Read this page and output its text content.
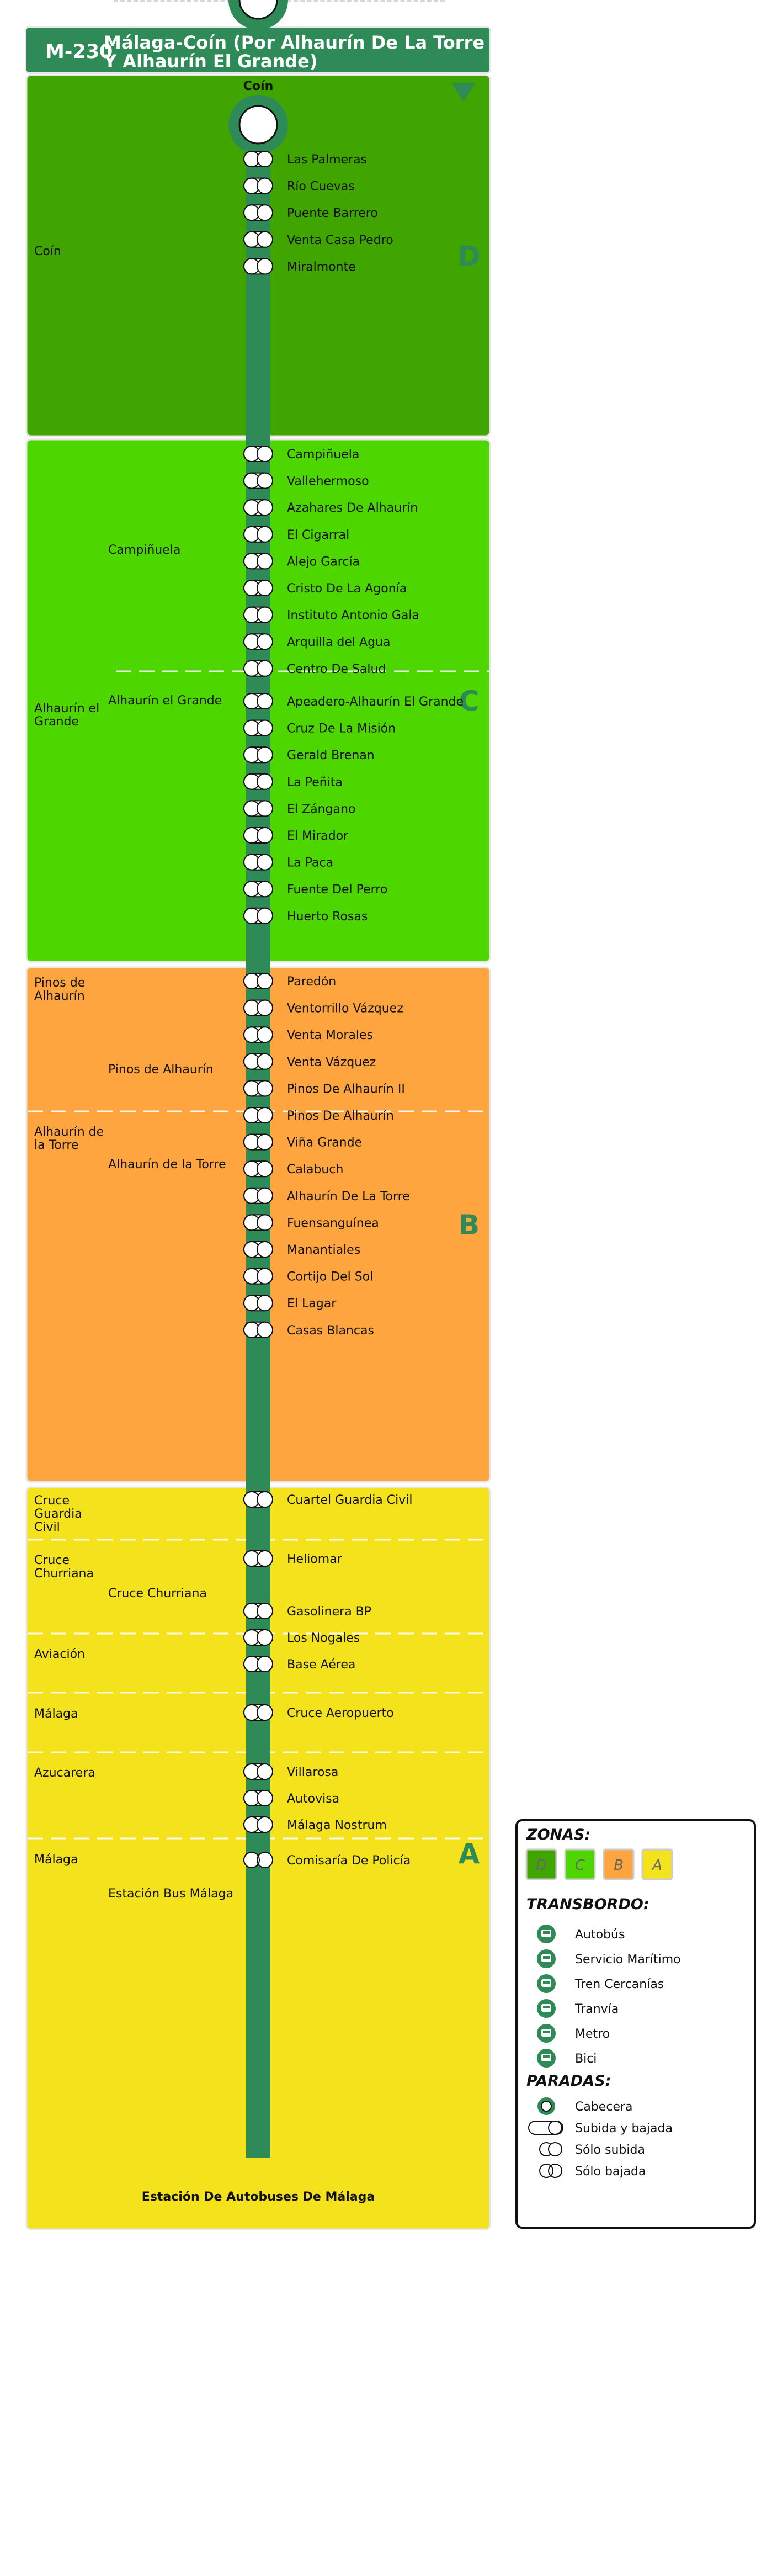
M-230
Málaga-Coín (Por Alhaurín De La Torre Y Alhaurín El Grande)
D
C
B
A
Coín
Alhaurín el Grande
Pinos de Alhaurín
Alhaurín de la Torre
Cruce Guardia Civil
Cruce Churriana
Aviación
Málaga
Azucarera
Málaga
Campiñuela
Alhaurín el Grande
Pinos de Alhaurín
Alhaurín de la Torre
Cruce Churriana
Estación Bus Málaga
Coín
Las Palmeras
Río Cuevas
Puente Barrero
Venta Casa Pedro
Miralmonte
Campiñuela
Vallehermoso
Azahares De Alhaurín
El Cigarral
Alejo García
Cristo De La Agonía
Instituto Antonio Gala
Arquilla del Agua
Centro De Salud
Apeadero-Alhaurín El Grande
Cruz De La Misión
Gerald Brenan
La Peñita
El Zángano
El Mirador
La Paca
Fuente Del Perro
Huerto Rosas
Paredón
Ventorrillo Vázquez
Venta Morales
Venta Vázquez
Pinos De Alhaurín II
Pinos De Alhaurín
Viña Grande
Calabuch
Alhaurín De La Torre
Fuensanguínea
Manantiales
Cortijo Del Sol
El Lagar
Casas Blancas
Cuartel Guardia Civil
Heliomar
Gasolinera BP
Los Nogales
Base Aérea
Cruce Aeropuerto
Villarosa
Autovisa
Málaga Nostrum
Comisaría De Policía
Estación De Autobuses De Málaga
ZONAS:
D C B A
TRANSBORDO:
Autobús
Servicio Marítimo
Tren Cercanías
Tranvía
Metro
Bici
PARADAS:
Cabecera
Subida y bajada
Sólo subida
Sólo bajada
